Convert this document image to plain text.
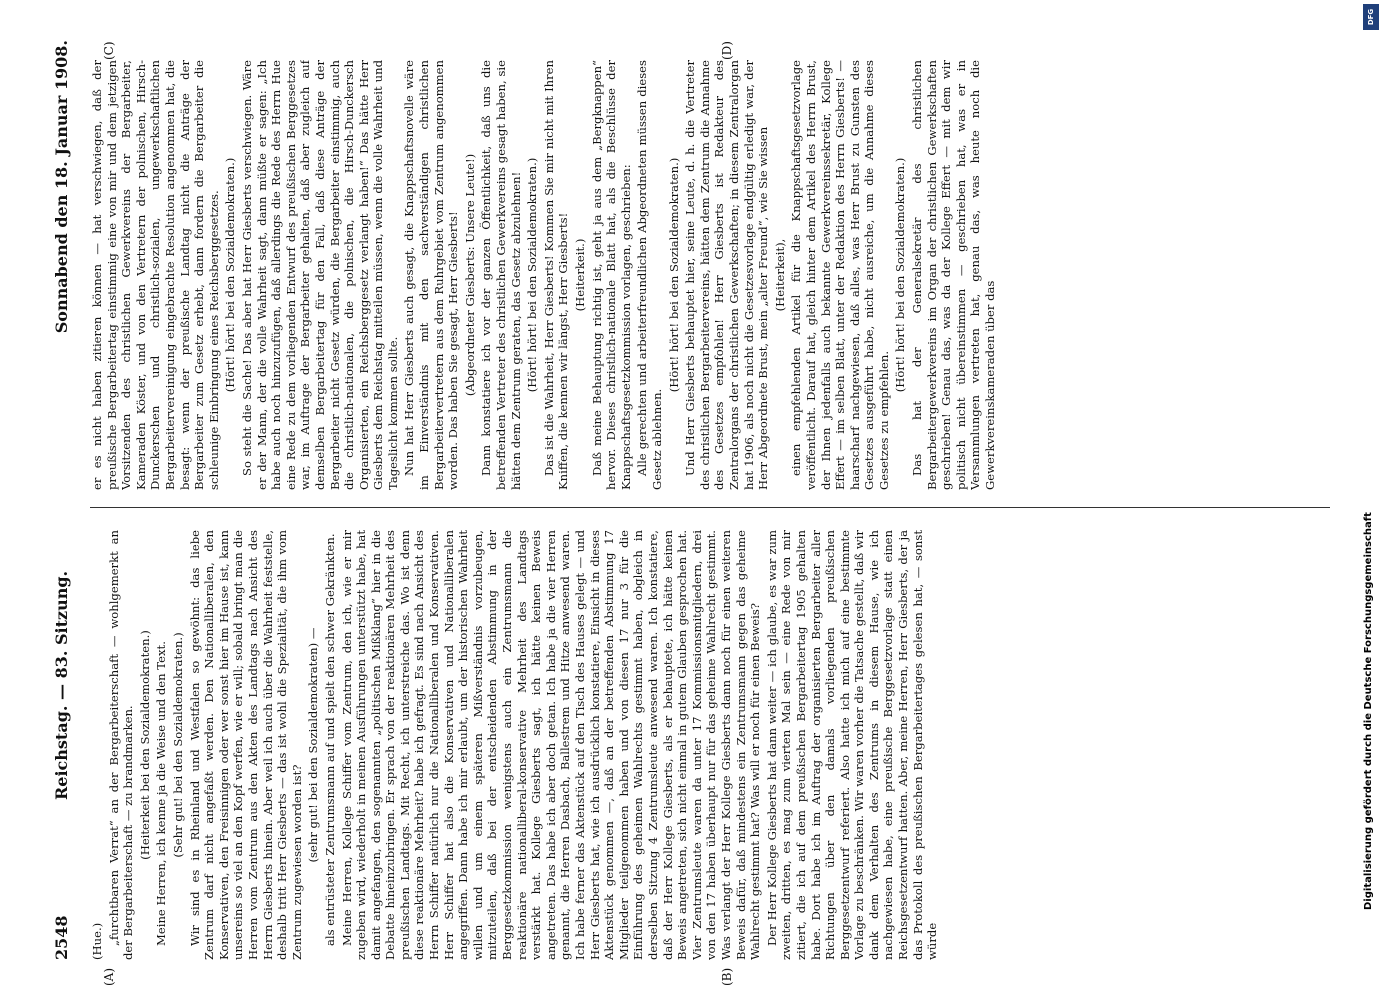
2548
Reichstag. — 83. Sitzung.
Sonnabend den 18. Januar 1908.

(Hue.) „furchtbaren Verrat“ an der Bergarbeiterschaft — wohlgemerkt an der Bergarbeiterschaft — zu brandmarken. (Heiterkeit bei den Sozialdemokraten.) Meine Herren, ich kenne ja die Weise und den Text. (Sehr gut! bei den Sozialdemokraten.) Wir sind es in Rheinland und Westfalen so gewöhnt: das liebe Zentrum darf nicht angefaßt werden. Den Nationalliberalen, den Konservativen, den Freisinnigen oder wer sonst hier im Hause ist, kann unsereins so viel an den Kopf werfen, wie er will; sobald bringt man die Herren vom Zentrum aus den Akten des Landtags nach Ansicht des Herrn Giesberts hinein. Aber weil ich auch über die Wahrheit feststelle, deshalb tritt Herr Giesberts — das ist wohl die Spezialität, die ihm vom Zentrum zugewiesen worden ist? (sehr gut! bei den Sozialdemokraten) — als entrüsteter Zentrumsmann auf und spielt den schwer Gekränkten. Meine Herren, Kollege Schiffer vom Zentrum, den ich, wie er mir zugeben wird, wiederholt in meinen Ausführungen unterstützt habe, hat damit angefangen, den sogenannten „politischen Mißklang“ hier in die Debatte hineinzubringen. Er sprach von der reaktionären Mehrheit des preußischen Landtags. Mit Recht, ich unterstreiche das. Wo ist denn diese reaktionäre Mehrheit? habe ich gefragt. Es sind nach Ansicht des Herrn Schiffer natürlich nur die Nationalliberalen und Konservativen. Herr Schiffer hat also die Konservativen und Nationalliberalen angegriffen. Dann habe ich mir erlaubt, um der historischen Wahrheit willen und um einem späteren Mißverständnis vorzubeugen, mitzuteilen, daß bei der entscheidenden Abstimmung in der Berggesetzkommission wenigstens auch ein Zentrumsmann die reaktionäre nationalliberal-konservative Mehrheit des Landtags verstärkt hat. Kollege Giesberts sagt, ich hätte keinen Beweis angetreten. Das habe ich aber doch getan. Ich habe ja die vier Herren genannt, die Herren Dasbach, Ballestrem und Hitze anwesend waren. Ich habe ferner das Aktenstück auf den Tisch des Hauses gelegt — und Herr Giesberts hat, wie ich ausdrücklich konstatiere, Einsicht in dieses Aktenstück genommen —, daß an der betreffenden Abstimmung 17 Mitglieder teilgenommen haben und von diesen 17 nur 3 für die Einführung des geheimen Wahlrechts gestimmt haben, obgleich in derselben Sitzung 4 Zentrumsleute anwesend waren. Ich konstatiere, daß der Herr Kollege Giesberts, als er behauptete, ich hätte keinen Beweis angetreten, sich nicht einmal in gutem Glauben gesprochen hat. Vier Zentrumsleute waren da unter 17 Kommissionsmitgliedern, drei von den 17 haben überhaupt nur für das geheime Wahlrecht gestimmt. Was verlangt der Herr Kollege Giesberts dann noch für einen weiteren Beweis dafür, daß mindestens ein Zentrumsmann gegen das geheime Wahlrecht gestimmt hat? Was will er noch für einen Beweis? Der Herr Kollege Giesberts hat dann weiter — ich glaube, es war zum zweiten, dritten, es mag zum vierten Mal sein — eine Rede von mir zitiert, die ich auf dem preußischen Bergarbeitertag 1905 gehalten habe. Dort habe ich im Auftrag der organisierten Bergarbeiter aller Richtungen über den damals vorliegenden preußischen Berggesetzentwurf referiert. Also hatte ich mich auf eine bestimmte Vorlage zu beschränken. Wir waren vorher die Tatsache gestellt, daß wir dank dem Verhalten des Zentrums in diesem Hause, wie ich nachgewiesen habe, eine preußische Berggesetzvorlage statt einen Reichsgesetzentwurf hatten. Aber, meine Herren, Herr Giesberts, der ja das Protokoll des preußischen Bergarbeitertages gelesen hat, — sonst würde

er es nicht haben zitieren können — hat verschwiegen, daß der preußische Bergarbeitertag einstimmig eine von mir und dem jetzigen Vorsitzenden des christlichen Gewerkvereins der Bergarbeiter, Kameraden Köster, und von den Vertretern der polnischen, Hirsch-Dunckerschen und christlich-sozialen, ungewerkschaftlichen Bergarbeitervereinigung eingebrachte Resolution angenommen hat, die besagt: wenn der preußische Landtag nicht die Anträge der Bergarbeiter zum Gesetz erhebt, dann fordern die Bergarbeiter die schleunige Einbringung eines Reichsberggesetzes. (Hört! hört! bei den Sozialdemokraten.) So steht die Sache! Das aber hat Herr Giesberts verschwiegen. Wäre er der Mann, der die volle Wahrheit sagt, dann müßte er sagen: „Ich habe auch noch hinzuzufügen, daß allerdings die Rede des Herrn Hue eine Rede zu dem vorliegenden Entwurf des preußischen Berggesetzes war, im Auftrage der Bergarbeiter gehalten, daß aber zugleich auf demselben Bergarbeitertag für den Fall, daß diese Anträge der Bergarbeiter nicht Gesetz würden, die Bergarbeiter einstimmig, auch die christlich-nationalen, die polnischen, die Hirsch-Dunckersch Organisierten, ein Reichsberggesetz verlangt haben!“ Das hätte Herr Giesberts dem Reichstag mitteilen müssen, wenn die volle Wahrheit und Tageslicht kommen sollte. Nun hat Herr Giesberts auch gesagt, die Knappschaftsnovelle wäre im Einverständnis mit den sachverständigen christlichen Bergarbeitervertretern aus dem Ruhrgebiet vom Zentrum angenommen worden. Das haben Sie gesagt, Herr Giesberts! (Abgeordneter Giesberts: Unsere Leute!) Dann konstatiere ich vor der ganzen Öffentlichkeit, daß uns die betreffenden Vertreter des christlichen Gewerkvereins gesagt haben, sie hätten dem Zentrum geraten, das Gesetz abzulehnen! (Hört! hört! bei den Sozialdemokraten.) Das ist die Wahrheit, Herr Giesberts! Kommen Sie mir nicht mit Ihren Kniffen, die kennen wir längst, Herr Giesberts! (Heiterkeit.) Daß meine Behauptung richtig ist, geht ja aus dem „Bergknappen“ hervor. Dieses christlich-nationale Blatt hat, als die Beschlüsse der Knappschaftsgesetzkommission vorlagen, geschrieben: Alle gerechten und arbeiterfreundlichen Abgeordneten müssen dieses Gesetz ablehnen.

(Hört! hört! bei den Sozialdemokraten.) Und Herr Giesberts behauptet hier, seine Leute, d. h. die Vertreter des christlichen Bergarbeitervereins, hätten dem Zentrum die Annahme des Gesetzes empfohlen! Herr Giesberts ist Redakteur des Zentralorgans der christlichen Gewerkschaften; in diesem Zentralorgan hat 1906, als noch nicht die Gesetzesvorlage endgültig erledigt war, der Herr Abgeordnete Brust, mein „alter Freund“, wie Sie wissen (Heiterkeit), einen empfehlenden Artikel für die Knappschaftsgesetzvorlage veröffentlicht. Darauf hat, gleich hinter dem Artikel des Herrn Brust, der Ihnen jedenfalls auch bekannte Gewerkvereinssekretär, Kollege Effert — im selben Blatt, unter der Redaktion des Herrn Giesberts! — haarscharf nachgewiesen, daß alles, was Herr Brust zu Gunsten des Gesetzes ausgeführt habe, nicht ausreiche, um die Annahme dieses Gesetzes zu empfehlen.

(Hört! hört! bei den Sozialdemokraten.) Das hat der Generalsekretär des christlichen Bergarbeitergewerkvereins im Organ der christlichen Gewerkschaften geschrieben! Genau das, was da der Kollege Effert — mit dem wir politisch nicht übereinstimmen — geschrieben hat, was er in Versammlungen vertreten hat, genau das, was heute noch die Gewerkvereinskameraden über das

(A)	(B)
(C)	(D)
Digitalisierung gefördert durch die Deutsche Forschungsgemeinschaft
DFG
